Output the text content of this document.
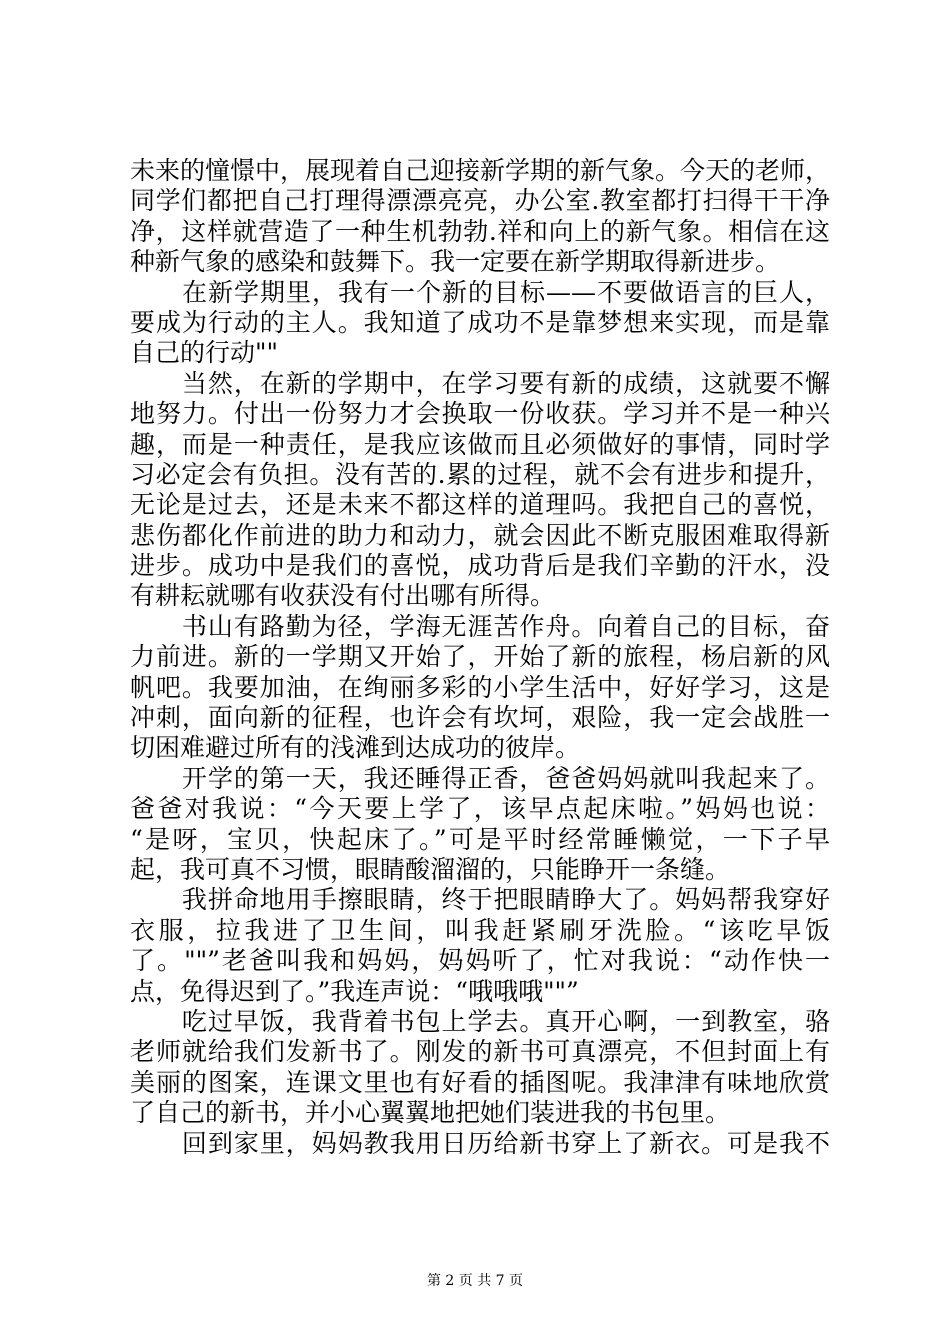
未来的憧憬中，展现着自己迎接新学期的新气象。今天的老师，
同学们都把自己打理得漂漂亮亮，办公室.教室都打扫得干干净
净，这样就营造了一种生机勃勃.祥和向上的新气象。相信在这
种新气象的感染和鼓舞下。我一定要在新学期取得新进步。
　　在新学期里，我有一个新的目标——不要做语言的巨人，
要成为行动的主人。我知道了成功不是靠梦想来实现，而是靠
自己的行动""
　　当然，在新的学期中，在学习要有新的成绩，这就要不懈
地努力。付出一份努力才会换取一份收获。学习并不是一种兴
趣，而是一种责任，是我应该做而且必须做好的事情，同时学
习必定会有负担。没有苦的.累的过程，就不会有进步和提升，
无论是过去，还是未来不都这样的道理吗。我把自己的喜悦，
悲伤都化作前进的助力和动力，就会因此不断克服困难取得新
进步。成功中是我们的喜悦，成功背后是我们辛勤的汗水，没
有耕耘就哪有收获没有付出哪有所得。
　　书山有路勤为径，学海无涯苦作舟。向着自己的目标，奋
力前进。新的一学期又开始了，开始了新的旅程，杨启新的风
帆吧。我要加油，在绚丽多彩的小学生活中，好好学习，这是
冲刺，面向新的征程，也许会有坎坷，艰险，我一定会战胜一
切困难避过所有的浅滩到达成功的彼岸。
　　开学的第一天，我还睡得正香，爸爸妈妈就叫我起来了。
爸爸对我说：“今天要上学了，该早点起床啦。”妈妈也说：
“是呀，宝贝，快起床了。”可是平时经常睡懒觉，一下子早
起，我可真不习惯，眼睛酸溜溜的，只能睁开一条缝。
　　我拼命地用手擦眼睛，终于把眼睛睁大了。妈妈帮我穿好
衣服，拉我进了卫生间，叫我赶紧刷牙洗脸。“该吃早饭
了。""”老爸叫我和妈妈，妈妈听了，忙对我说：“动作快一
点，免得迟到了。”我连声说：“哦哦哦""”
　　吃过早饭，我背着书包上学去。真开心啊，一到教室，骆
老师就给我们发新书了。刚发的新书可真漂亮，不但封面上有
美丽的图案，连课文里也有好看的插图呢。我津津有味地欣赏
了自己的新书，并小心翼翼地把她们装进我的书包里。
　　回到家里，妈妈教我用日历给新书穿上了新衣。可是我不
第 2 页 共 7 页
